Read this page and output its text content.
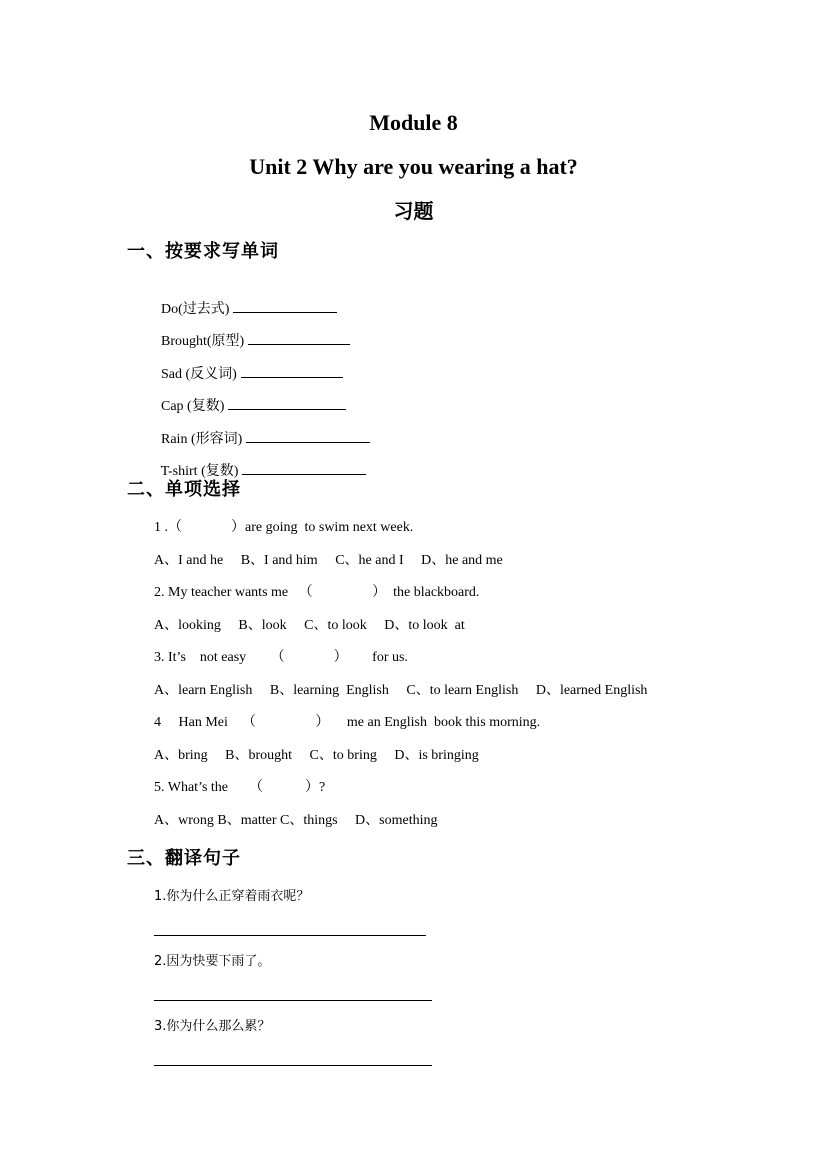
Module 8
Unit 2 Why are you wearing a hat?
习题
一、按要求写单词

Do(过去式)

Brought(原型)

Sad (反义词)

Cap (复数)

Rain (形容词)

T-shirt (复数)

二、单项选择
1 .（              ）are going  to swim next week.
A、I and he     B、I and him     C、he and I     D、he and me
2. My teacher wants me   （                 ）  the blackboard.
A、looking     B、look     C、to look     D、to look  at
3. It’s    not easy       （              ）       for us.
A、learn English     B、learning  English     C、to learn English     D、learned English
4     Han Mei    （                 ）     me an English  book this morning.
A、bring     B、brought     C、to bring     D、is bringing
5. What’s the      （            ）?
A、wrong B、matter C、things     D、something
三、翻译句子
1.你为什么正穿着雨衣呢？
2.因为快要下雨了。
3.你为什么那么累？
